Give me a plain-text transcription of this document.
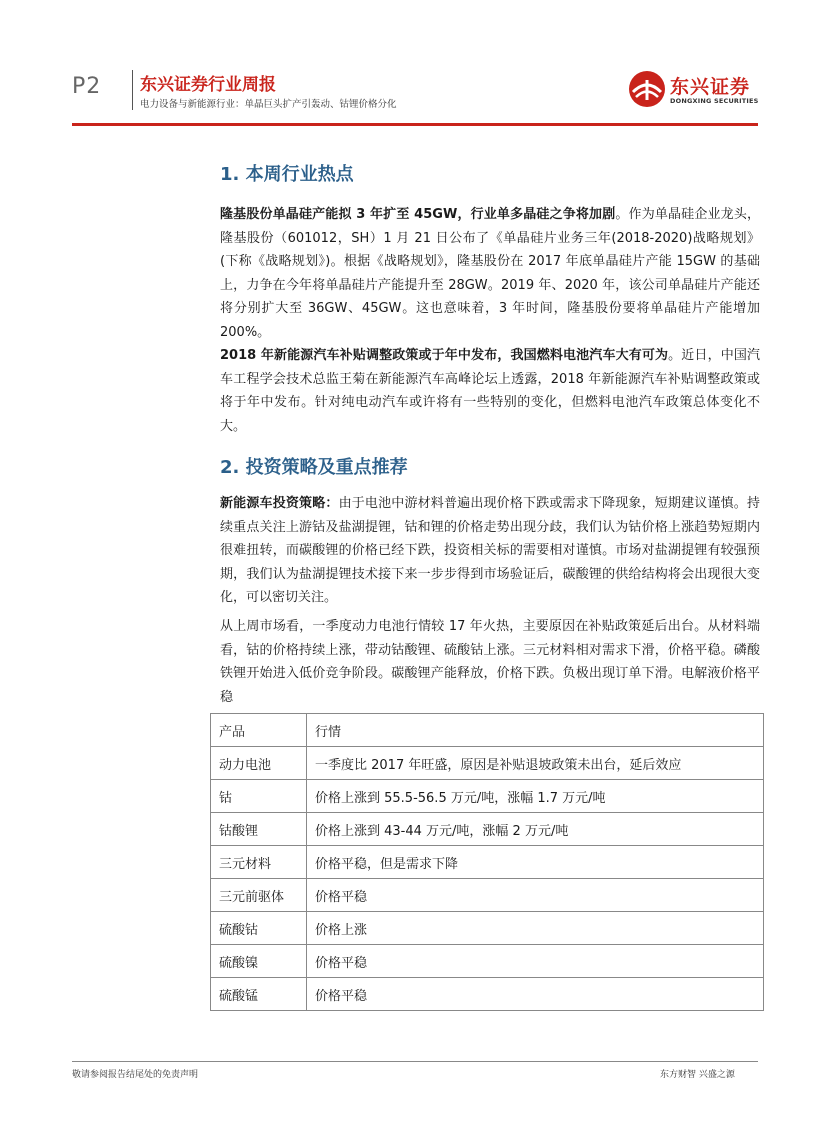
P2 东兴证券行业周报
电力设备与新能源行业：单晶巨头扩产引轰动、钴锂价格分化
东兴证券
DONGXING SECURITIES
1. 本周行业热点
隆基股份单晶硅产能拟 3 年扩至 45GW，行业单多晶硅之争将加剧。作为单晶硅企业龙头，隆基股份（601012，SH）1 月 21 日公布了《单晶硅片业务三年(2018-2020)战略规划》(下称《战略规划》)。根据《战略规划》，隆基股份在 2017 年底单晶硅片产能 15GW 的基础上，力争在今年将单晶硅片产能提升至 28GW。2019 年、2020 年，该公司单晶硅片产能还将分别扩大至 36GW、45GW。这也意味着，3 年时间，隆基股份要将单晶硅片产能增加 200%。
2018 年新能源汽车补贴调整政策或于年中发布，我国燃料电池汽车大有可为。近日，中国汽车工程学会技术总监王菊在新能源汽车高峰论坛上透露，2018 年新能源汽车补贴调整政策或将于年中发布。针对纯电动汽车或许将有一些特别的变化，但燃料电池汽车政策总体变化不大。
2. 投资策略及重点推荐
新能源车投资策略：由于电池中游材料普遍出现价格下跌或需求下降现象，短期建议谨慎。持续重点关注上游钴及盐湖提锂，钴和锂的价格走势出现分歧，我们认为钴价格上涨趋势短期内很难扭转，而碳酸锂的价格已经下跌，投资相关标的需要相对谨慎。市场对盐湖提锂有较强预期，我们认为盐湖提锂技术接下来一步步得到市场验证后，碳酸锂的供给结构将会出现很大变化，可以密切关注。
从上周市场看，一季度动力电池行情较 17 年火热，主要原因在补贴政策延后出台。从材料端看，钴的价格持续上涨，带动钴酸锂、硫酸钴上涨。三元材料相对需求下滑，价格平稳。磷酸铁锂开始进入低价竞争阶段。碳酸锂产能释放，价格下跌。负极出现订单下滑。电解液价格平稳
产品	行情
动力电池	一季度比 2017 年旺盛，原因是补贴退坡政策未出台，延后效应
钴	价格上涨到 55.5-56.5 万元/吨，涨幅 1.7 万元/吨
钴酸锂	价格上涨到 43-44 万元/吨，涨幅 2 万元/吨
三元材料	价格平稳，但是需求下降
三元前驱体	价格平稳
硫酸钴	价格上涨
硫酸镍	价格平稳
硫酸锰	价格平稳
敬请参阅报告结尾处的免责声明	东方财智 兴盛之源
